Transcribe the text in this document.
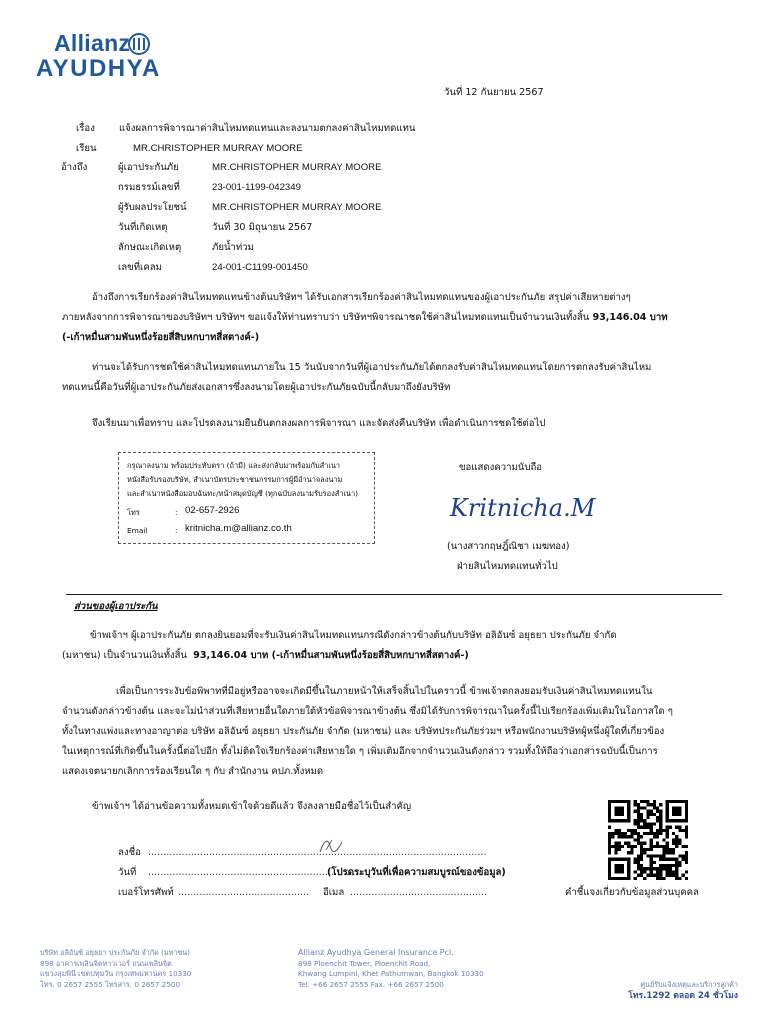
Allianz
AYUDHYA
วันที่ 12 กันยายน 2567
เรื่อง	แจ้งผลการพิจารณาค่าสินไหมทดแทนและลงนามตกลงค่าสินไหมทดแทน
เรียน	MR.CHRISTOPHER MURRAY MOORE
อ้างถึง	ผู้เอาประกันภัย	MR.CHRISTOPHER MURRAY MOORE
กรมธรรม์เลขที่	23-001-1199-042349
ผู้รับผลประโยชน์	MR.CHRISTOPHER MURRAY MOORE
วันที่เกิดเหตุ	วันที่ 30 มิถุนายน 2567
ลักษณะเกิดเหตุ	ภัยน้ำท่วม
เลขที่เคลม	24-001-C1199-001450
อ้างถึงการเรียกร้องค่าสินไหมทดแทนข้างต้นบริษัทฯ ได้รับเอกสารเรียกร้องค่าสินไหมทดแทนของผู้เอาประกันภัย สรุปค่าเสียหายต่างๆ
ภายหลังจากการพิจารณาของบริษัทฯ บริษัทฯ ขอแจ้งให้ท่านทราบว่า บริษัทฯพิจารณาชดใช้ค่าสินไหมทดแทนเป็นจำนวนเงินทั้งสิ้น 93,146.04 บาท
(-เก้าหมื่นสามพันหนึ่งร้อยสี่สิบหกบาทสี่สตางค์-)
ท่านจะได้รับการชดใช้ค่าสินไหมทดแทนภายใน 15 วันนับจากวันที่ผู้เอาประกันภัยได้ตกลงรับค่าสินไหมทดแทนโดยการตกลงรับค่าสินไหม
ทดแทนนี้คือวันที่ผู้เอาประกันภัยส่งเอกสารซึ่งลงนามโดยผู้เอาประกันภัยฉบับนี้กลับมาถึงยังบริษัท
จึงเรียนมาเพื่อทราบ และโปรดลงนามยืนยันตกลงผลการพิจารณา และจัดส่งคืนบริษัท เพื่อดำเนินการชดใช้ต่อไป
กรุณาลงนาม พร้อมประทับตรา (ถ้ามี) และส่งกลับมาพร้อมกับสำเนา
หนังสือรับรองบริษัท, สำเนาบัตรประชาชนกรรมการผู้มีอำนาจลงนาม
และสำเนาหนังสือมอบฉันทะ/หน้าสมุดบัญชี (ทุกฉบับลงนามรับรองสำเนา)
โทร	: 02-657-2926
Email	: kritnicha.m@allianz.co.th
ขอแสดงความนับถือ
Kritnicha.M
(นางสาวกฤษฎิ์ณิชา เมฆทอง)
ฝ่ายสินไหมทดแทนทั่วไป
ส่วนของผู้เอาประกัน
ข้าพเจ้าฯ ผู้เอาประกันภัย ตกลงยินยอมที่จะรับเงินค่าสินไหมทดแทนกรณีดังกล่าวข้างต้นกับบริษัท อลิอันซ์ อยุธยา ประกันภัย จำกัด
(มหาชน) เป็นจำนวนเงินทั้งสิ้น 93,146.04 บาท (-เก้าหมื่นสามพันหนึ่งร้อยสี่สิบหกบาทสี่สตางค์-)
เพื่อเป็นการระงับข้อพิพาทที่มีอยู่หรืออาจจะเกิดมีขึ้นในภายหน้าให้เสร็จสิ้นไปในคราวนี้ ข้าพเจ้าตกลงยอมรับเงินค่าสินไหมทดแทนใน
จำนวนดังกล่าวข้างต้น และจะไม่นำส่วนที่เสียหายอื่นใดภายใต้หัวข้อพิจารณาข้างต้น ซึ่งมิได้รับการพิจารณาในครั้งนี้ไปเรียกร้องเพิ่มเติมในโอกาสใด ๆ
ทั้งในทางแพ่งและทางอาญาต่อ บริษัท อลิอันซ์ อยุธยา ประกันภัย จำกัด (มหาชน) และ บริษัทประกันภัยร่วมฯ หรือพนักงานบริษัทผู้หนึ่งผู้ใดที่เกี่ยวข้อง
ในเหตุการณ์ที่เกิดขึ้นในครั้งนี้ต่อไปอีก ทั้งไม่ติดใจเรียกร้องค่าเสียหายใด ๆ เพิ่มเติมอีกจากจำนวนเงินดังกล่าว รวมทั้งให้ถือว่าเอกสารฉบับนี้เป็นการ
แสดงเจตนายกเลิกการร้องเรียนใด ๆ กับ สำนักงาน คปภ.ทั้งหมด
ข้าพเจ้าฯ ได้อ่านข้อความทั้งหมดเข้าใจด้วยดีแล้ว จึงลงลายมือชื่อไว้เป็นสำคัญ
ลงชื่อ ...............................................................................................................
วันที่ ........................................................................
(โปรดระบุวันที่เพื่อความสมบูรณ์ของข้อมูล)
เบอร์โทรศัพท์ ........................................... อีเมล .............................................	คำชี้แจงเกี่ยวกับข้อมูลส่วนบุคคล
บริษัท อลิอันซ์ อยุธยา ประกันภัย จำกัด (มหาชน)
898 อาคารเพลินจิตทาวเวอร์ ถนนเพลินจิต
แขวงลุมพินี เขตปทุมวัน กรุงเทพมหานคร 10330
โทร. 0 2657 2555 โทรสาร. 0 2657 2500
Allianz Ayudhya General Insurance Pcl.
898 Ploenchit Tower, Ploenchit Road,
Khwang Lumpini, Khet Pathumwan, Bangkok 10330
Tel. +66 2657 2555 Fax. +66 2657 2500	ศูนย์รับแจ้งเหตุและบริการลูกค้า
โทร.1292 ตลอด 24 ชั่วโมง
